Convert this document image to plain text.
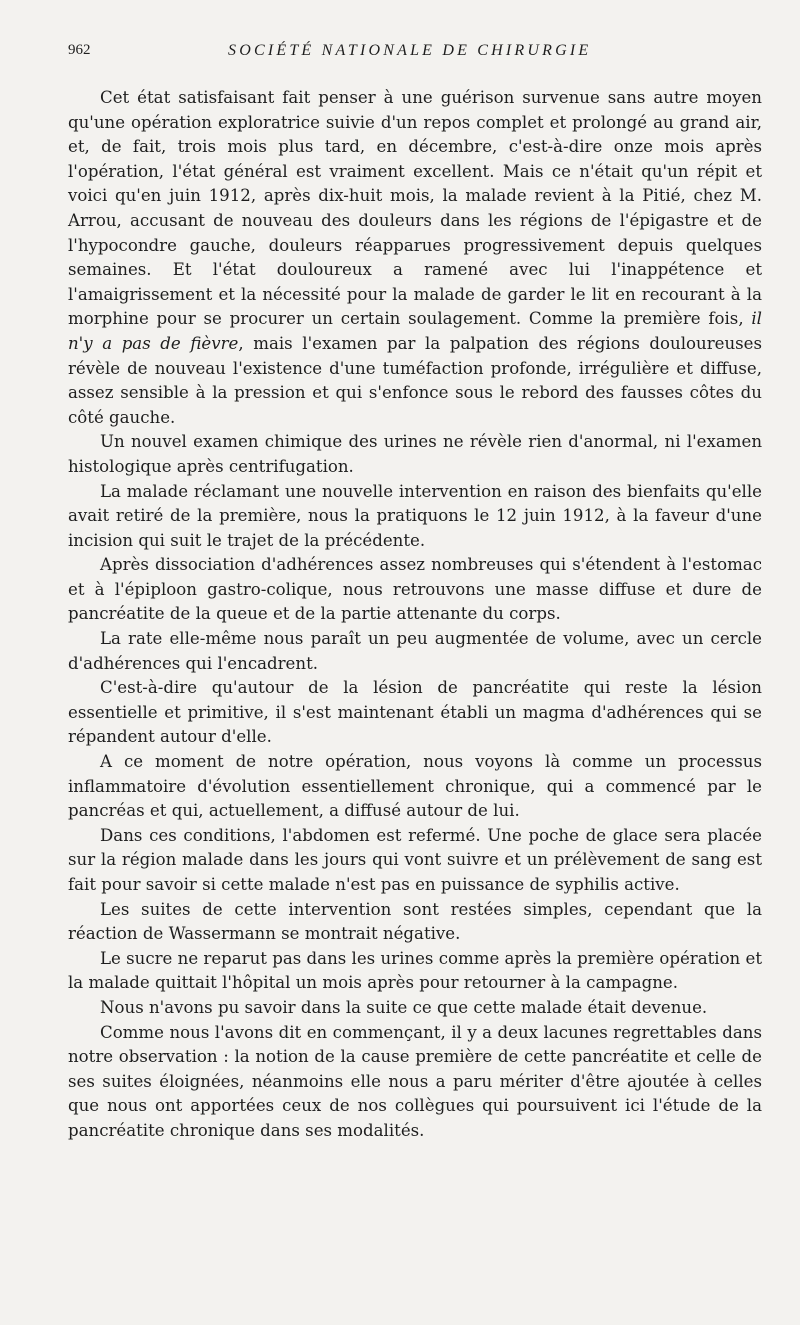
962	SOCIÉTÉ NATIONALE DE CHIRURGIE

Cet état satisfaisant fait penser à une guérison survenue sans autre moyen qu'une opération exploratrice suivie d'un repos complet et prolongé au grand air, et, de fait, trois mois plus tard, en décembre, c'est-à-dire onze mois après l'opération, l'état général est vraiment excellent. Mais ce n'était qu'un répit et voici qu'en juin 1912, après dix-huit mois, la malade revient à la Pitié, chez M. Arrou, accusant de nouveau des douleurs dans les régions de l'épigastre et de l'hypocondre gauche, douleurs réapparues progressivement depuis quelques semaines. Et l'état douloureux a ramené avec lui l'inappétence et l'amaigrissement et la nécessité pour la malade de garder le lit en recourant à la morphine pour se procurer un certain soulagement. Comme la première fois, il n'y a pas de fièvre, mais l'examen par la palpation des régions douloureuses révèle de nouveau l'existence d'une tuméfaction profonde, irrégulière et diffuse, assez sensible à la pression et qui s'enfonce sous le rebord des fausses côtes du côté gauche.

Un nouvel examen chimique des urines ne révèle rien d'anormal, ni l'examen histologique après centrifugation.

La malade réclamant une nouvelle intervention en raison des bienfaits qu'elle avait retiré de la première, nous la pratiquons le 12 juin 1912, à la faveur d'une incision qui suit le trajet de la précédente.

Après dissociation d'adhérences assez nombreuses qui s'étendent à l'estomac et à l'épiploon gastro-colique, nous retrouvons une masse diffuse et dure de pancréatite de la queue et de la partie attenante du corps.

La rate elle-même nous paraît un peu augmentée de volume, avec un cercle d'adhérences qui l'encadrent.

C'est-à-dire qu'autour de la lésion de pancréatite qui reste la lésion essentielle et primitive, il s'est maintenant établi un magma d'adhérences qui se répandent autour d'elle.

A ce moment de notre opération, nous voyons là comme un processus inflammatoire d'évolution essentiellement chronique, qui a commencé par le pancréas et qui, actuellement, a diffusé autour de lui.

Dans ces conditions, l'abdomen est refermé. Une poche de glace sera placée sur la région malade dans les jours qui vont suivre et un prélèvement de sang est fait pour savoir si cette malade n'est pas en puissance de syphilis active.

Les suites de cette intervention sont restées simples, cependant que la réaction de Wassermann se montrait négative.

Le sucre ne reparut pas dans les urines comme après la première opération et la malade quittait l'hôpital un mois après pour retourner à la campagne.

Nous n'avons pu savoir dans la suite ce que cette malade était devenue.

Comme nous l'avons dit en commençant, il y a deux lacunes regrettables dans notre observation : la notion de la cause première de cette pancréatite et celle de ses suites éloignées, néanmoins elle nous a paru mériter d'être ajoutée à celles que nous ont apportées ceux de nos collègues qui poursuivent ici l'étude de la pancréatite chronique dans ses modalités.
